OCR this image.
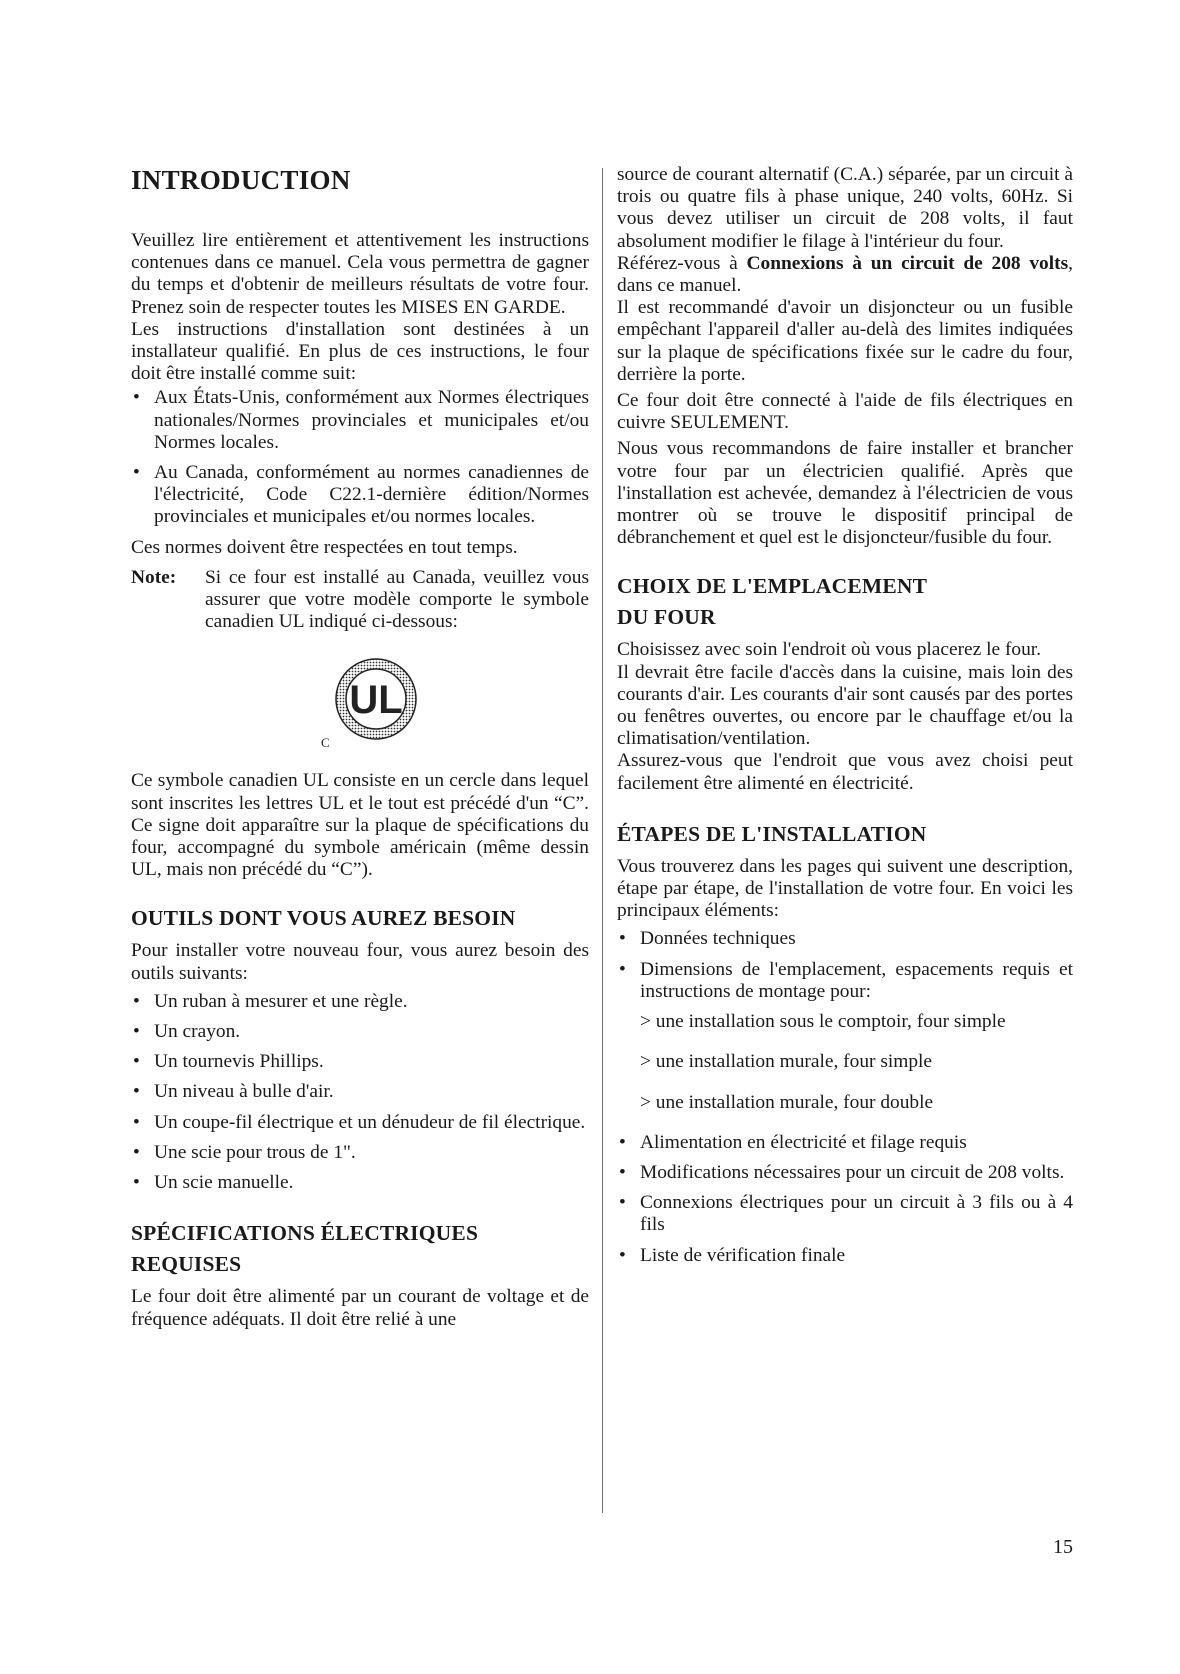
INTRODUCTION

Veuillez lire entièrement et attentivement les instructions contenues dans ce manuel. Cela vous permettra de gagner du temps et d'obtenir de meilleurs résultats de votre four. Prenez soin de respecter toutes les MISES EN GARDE.

Les instructions d'installation sont destinées à un installateur qualifié. En plus de ces instructions, le four doit être installé comme suit:

• Aux États-Unis, conformément aux Normes électriques nationales/Normes provinciales et municipales et/ou Normes locales.
• Au Canada, conformément au normes canadiennes de l'électricité, Code C22.1-dernière édition/Normes provinciales et municipales et/ou normes locales.

Ces normes doivent être respectées en tout temps.

Note:	Si ce four est installé au Canada, veuillez vous assurer que votre modèle comporte le symbole canadien UL indiqué ci-dessous:

UL
C

Ce symbole canadien UL consiste en un cercle dans lequel sont inscrites les lettres UL et le tout est précédé d'un “C”. Ce signe doit apparaître sur la plaque de spécifications du four, accompagné du symbole américain (même dessin UL, mais non précédé du “C”).

OUTILS DONT VOUS AUREZ BESOIN

Pour installer votre nouveau four, vous aurez besoin des outils suivants:

• Un ruban à mesurer et une règle.
• Un crayon.
• Un tournevis Phillips.
• Un niveau à bulle d'air.
• Un coupe-fil électrique et un dénudeur de fil électrique.
• Une scie pour trous de 1".
• Un scie manuelle.
SPÉCIFICATIONS ÉLECTRIQUES REQUISES

Le four doit être alimenté par un courant de voltage et de fréquence adéquats. Il doit être relié à une

source de courant alternatif (C.A.) séparée, par un circuit à trois ou quatre fils à phase unique, 240 volts, 60Hz. Si vous devez utiliser un circuit de 208 volts, il faut absolument modifier le filage à l'intérieur du four.

Référez-vous à Connexions à un circuit de 208 volts, dans ce manuel.

Il est recommandé d'avoir un disjoncteur ou un fusible empêchant l'appareil d'aller au-delà des limites indiquées sur la plaque de spécifications fixée sur le cadre du four, derrière la porte.

Ce four doit être connecté à l'aide de fils électriques en cuivre SEULEMENT.

Nous vous recommandons de faire installer et brancher votre four par un électricien qualifié. Après que l'installation est achevée, demandez à l'électricien de vous montrer où se trouve le dispositif principal de débranchement et quel est le disjoncteur/fusible du four.

CHOIX DE L'EMPLACEMENT DU FOUR

Choisissez avec soin l'endroit où vous placerez le four.

Il devrait être facile d'accès dans la cuisine, mais loin des courants d'air. Les courants d'air sont causés par des portes ou fenêtres ouvertes, ou encore par le chauffage et/ou la climatisation/ventilation.

Assurez-vous que l'endroit que vous avez choisi peut facilement être alimenté en électricité.

ÉTAPES DE L'INSTALLATION

Vous trouverez dans les pages qui suivent une description, étape par étape, de l'installation de votre four. En voici les principaux éléments:

• Données techniques
• Dimensions de l'emplacement, espacements requis et instructions de montage pour:
> une installation sous le comptoir, four simple
> une installation murale, four simple
> une installation murale, four double
• Alimentation en électricité et filage requis
• Modifications nécessaires pour un circuit de 208 volts.
• Connexions électriques pour un circuit à 3 fils ou à 4 fils
• Liste de vérification finale
15
